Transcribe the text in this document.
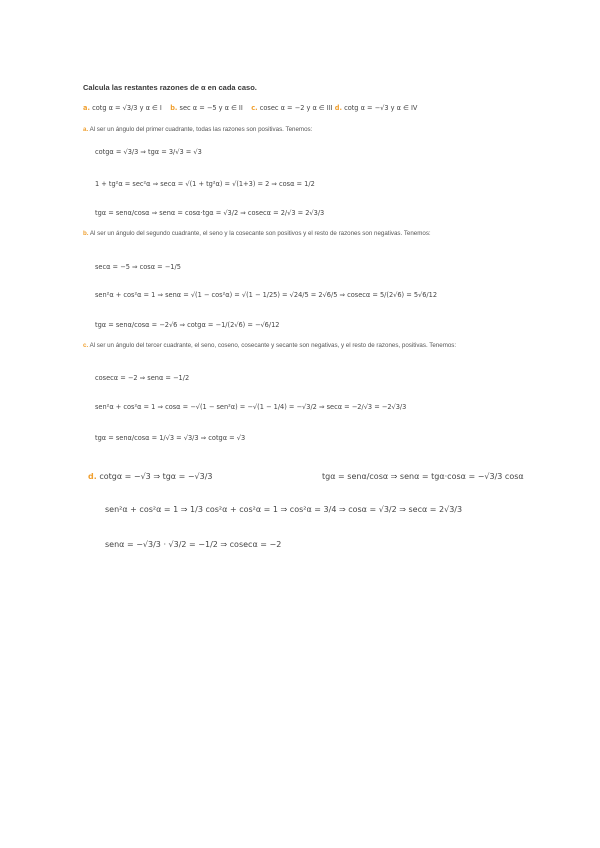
Calcula las restantes razones de α en cada caso.
a. cotg α = √3/3 y α ∈ I b. sec α = −5 y α ∈ II c. cosec α = −2 y α ∈ III d. cotg α = −√3 y α ∈ IV
a. Al ser un ángulo del primer cuadrante, todas las razones son positivas. Tenemos:
cotgα = √3/3 ⇒ tgα = 3/√3 = √3
1 + tg²α = sec²α ⇒ secα = √(1 + tg²α) = √(1+3) = 2 ⇒ cosα = 1/2
tgα = senα/cosα ⇒ senα = cosα·tgα = √3/2 ⇒ cosecα = 2/√3 = 2√3/3
b. Al ser un ángulo del segundo cuadrante, el seno y la cosecante son positivos y el resto de razones son negativas. Tenemos:
secα = −5 ⇒ cosα = −1/5
sen²α + cos²α = 1 ⇒ senα = √(1 − cos²α) = √(1 − 1/25) = √24/5 = 2√6/5 ⇒ cosecα = 5/(2√6) = 5√6/12
tgα = senα/cosα = −2√6 ⇒ cotgα = −1/(2√6) = −√6/12
c. Al ser un ángulo del tercer cuadrante, el seno, coseno, cosecante y secante son negativas, y el resto de razones, positivas. Tenemos:
cosecα = −2 ⇒ senα = −1/2
sen²α + cos²α = 1 ⇒ cosα = −√(1 − sen²α) = −√(1 − 1/4) = −√3/2 ⇒ secα = −2/√3 = −2√3/3
tgα = senα/cosα = 1/√3 = √3/3 ⇒ cotgα = √3
d. cotgα = −√3 ⇒ tgα = −√3/3	tgα = senα/cosα ⇒ senα = tgα·cosα = −√3/3 cosα
sen²α + cos²α = 1 ⇒ 1/3 cos²α + cos²α = 1 ⇒ cos²α = 3/4 ⇒ cosα = √3/2 ⇒ secα = 2√3/3
senα = −√3/3 · √3/2 = −1/2 ⇒ cosecα = −2
